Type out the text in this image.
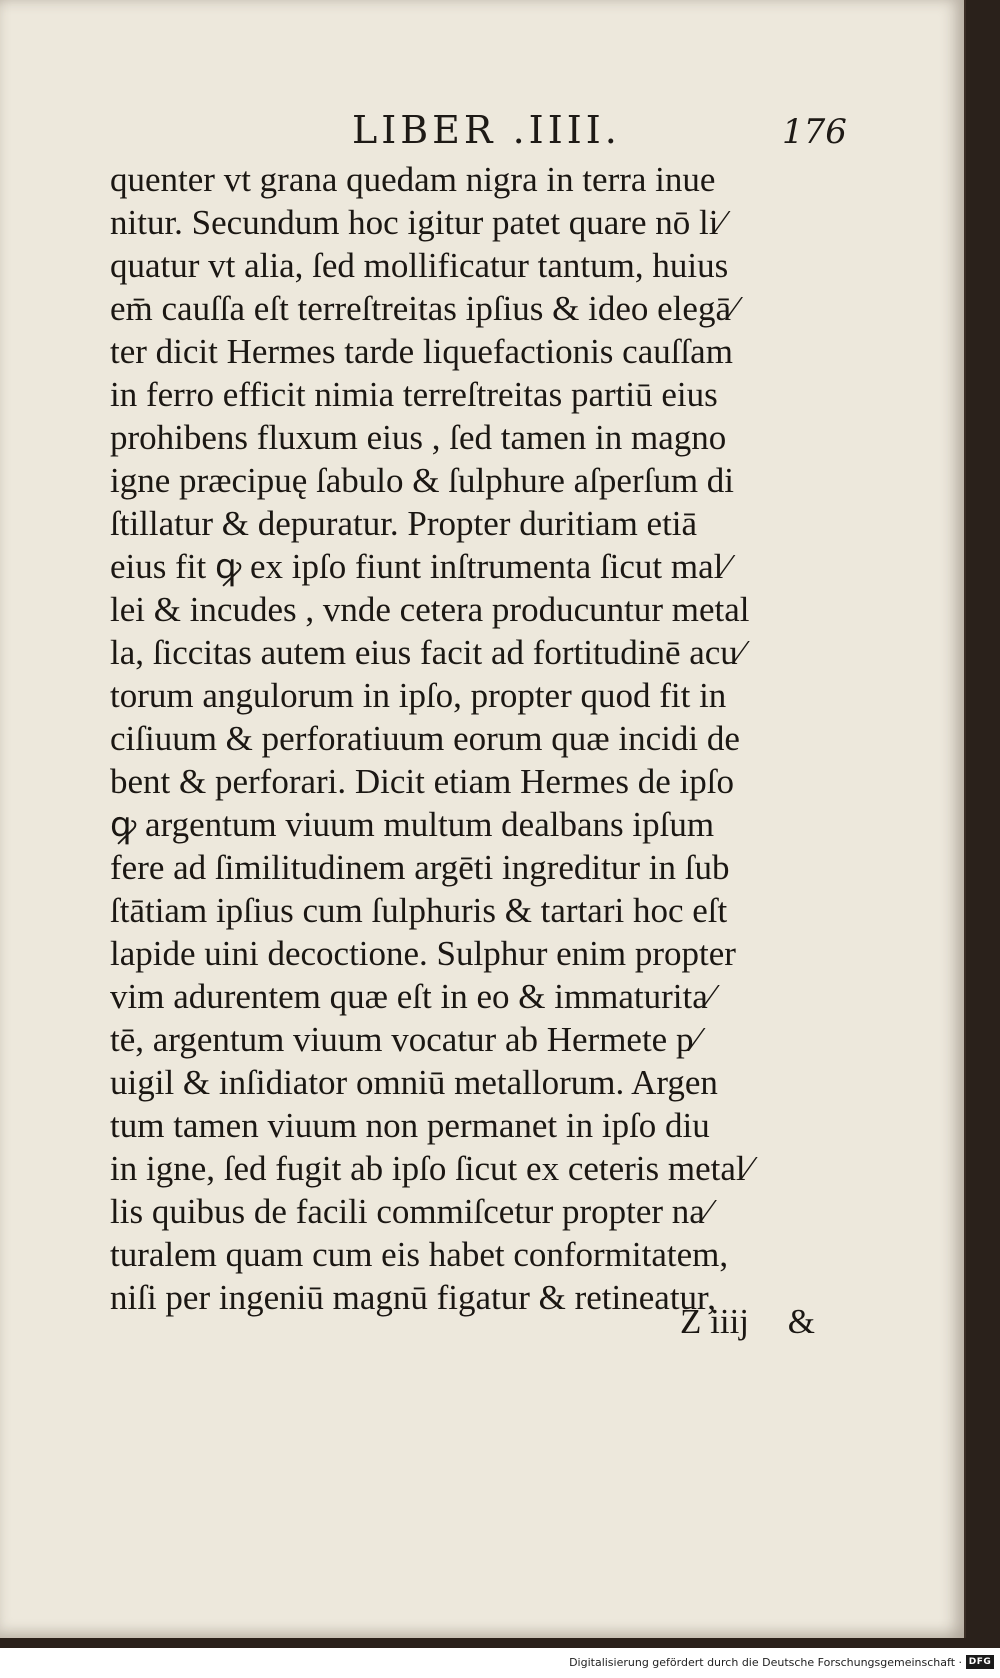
LIBER .IIII.	176
quenter vt grana quedam nigra in terra inue
nitur. Secundum hoc igitur patet quare nō li⁄
quatur vt alia, ſed mollificatur tantum, huius
em̄ cauſſa eſt terreſtreitas ipſius & ideo elegā⁄
ter dicit Hermes tarde liquefactionis cauſſam
in ferro efficit nimia terreſtreitas partiū eius
prohibens fluxum eius , ſed tamen in magno
igne præcipuę ſabulo & ſulphure aſperſum di
ſtillatur & depuratur. Propter duritiam etiā
eius fit ꝙ ex ipſo fiunt inſtrumenta ſicut mal⁄
lei & incudes , vnde cetera producuntur metal
la, ſiccitas autem eius facit ad fortitudinē acu⁄
torum angulorum in ipſo, propter quod fit in
ciſiuum & perforatiuum eorum quæ incidi de
bent & perforari. Dicit etiam Hermes de ipſo
ꝙ argentum viuum multum dealbans ipſum
fere ad ſimilitudinem argēti ingreditur in ſub
ſtātiam ipſius cum ſulphuris & tartari hoc eſt
lapide uini decoctione. Sulphur enim propter
vim adurentem quæ eſt in eo & immaturita⁄
tē, argentum viuum vocatur ab Hermete p⁄
uigil & inſidiator omniū metallorum. Argen
tum tamen viuum non permanet in ipſo diu
in igne, ſed fugit ab ipſo ſicut ex ceteris metal⁄
lis quibus de facili commiſcetur propter na⁄
turalem quam cum eis habet conformitatem,
niſi per ingeniū magnū figatur & retineatur,
Z iiij &
Digitalisierung gefördert durch die Deutsche Forschungsgemeinschaft · DFG
